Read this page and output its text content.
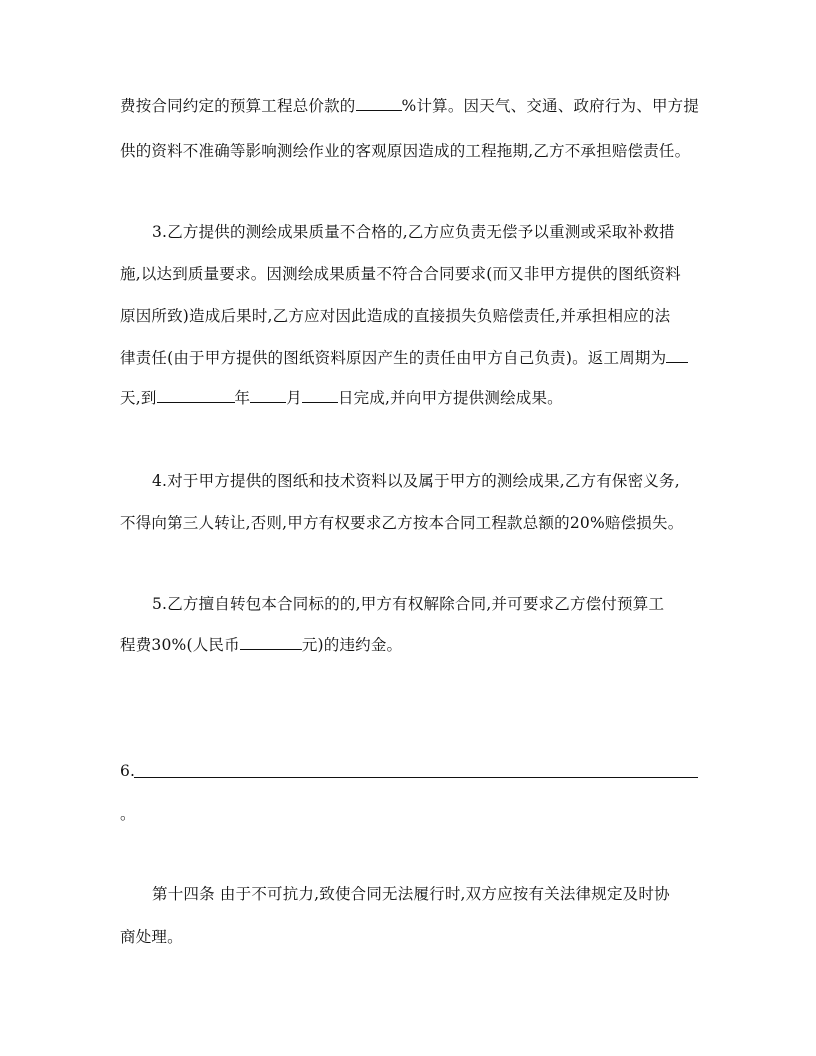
费按合同约定的预算工程总价款的	%计算。因天气、交通、政府行为、甲方提
供的资料不准确等影响测绘作业的客观原因造成的工程拖期,乙方不承担赔偿责任。
3.乙方提供的测绘成果质量不合格的,乙方应负责无偿予以重测或采取补救措
施,以达到质量要求。因测绘成果质量不符合合同要求(而又非甲方提供的图纸资料
原因所致)造成后果时,乙方应对因此造成的直接损失负赔偿责任,并承担相应的法
律责任(由于甲方提供的图纸资料原因产生的责任由甲方自己负责)。返工周期为
天,到	年 月 日完成,并向甲方提供测绘成果。
4.对于甲方提供的图纸和技术资料以及属于甲方的测绘成果,乙方有保密义务,
不得向第三人转让,否则,甲方有权要求乙方按本合同工程款总额的20%赔偿损失。
5.乙方擅自转包本合同标的的,甲方有权解除合同,并可要求乙方偿付预算工
程费30%(人民币	元)的违约金。
6.
。
第十四条 由于不可抗力,致使合同无法履行时,双方应按有关法律规定及时协
商处理。
